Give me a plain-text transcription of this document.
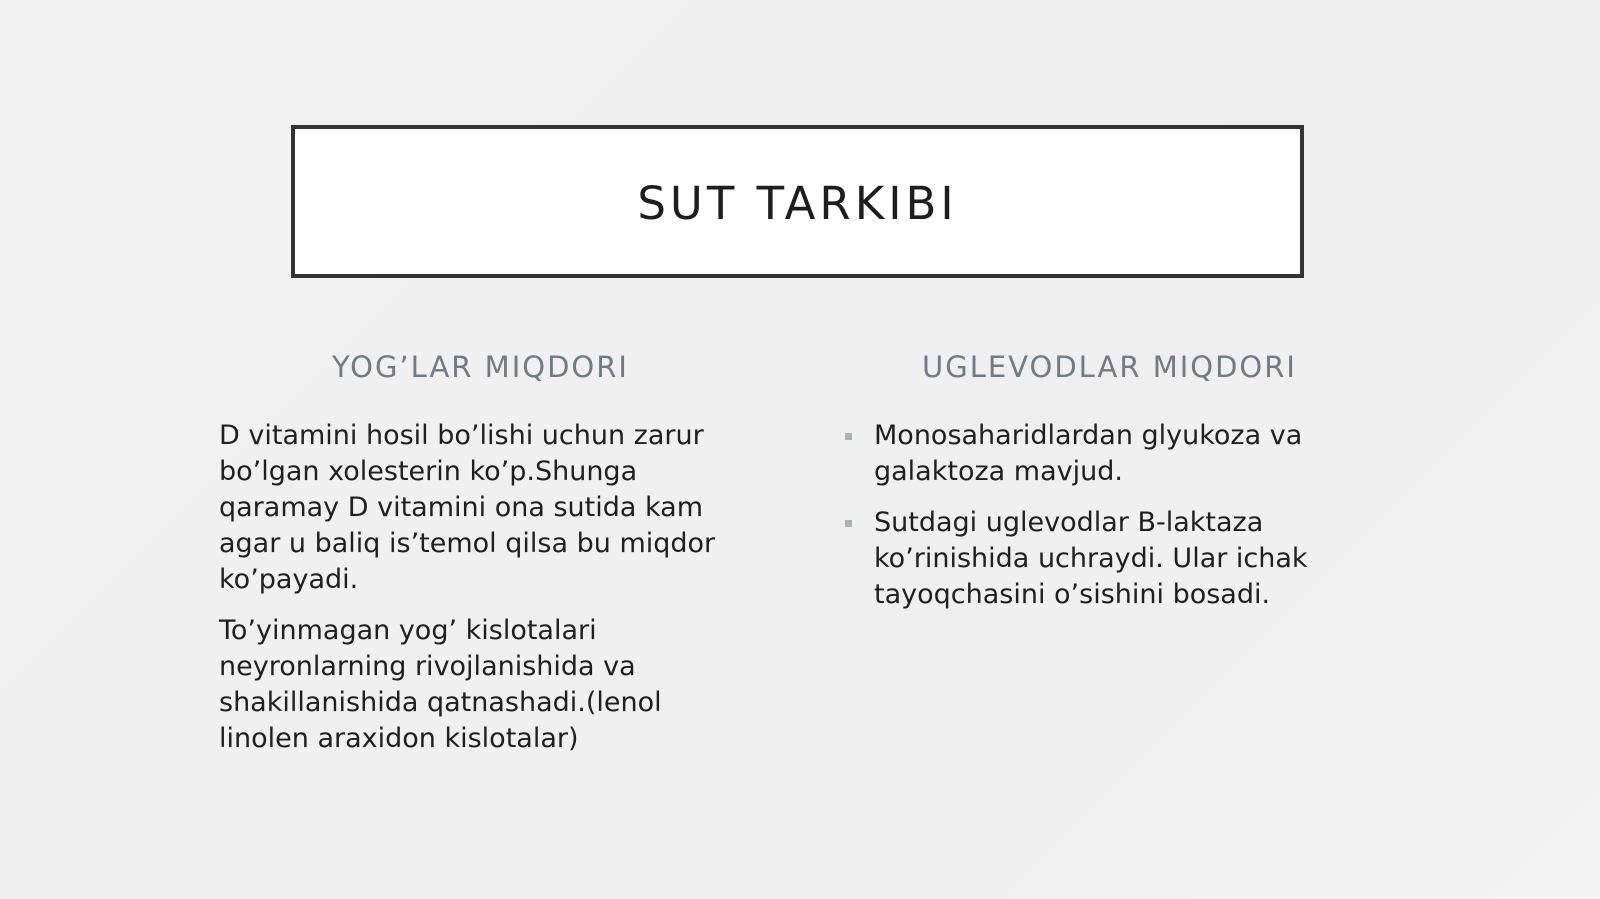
SUT TARKIBI
YOG’LAR MIQDORI	UGLEVODLAR MIQDORI

D vitamini hosil bo’lishi uchun zarur bo’lgan xolesterin ko’p.Shunga qaramay D vitamini ona sutida kam agar u baliq is’temol qilsa bu miqdor ko’payadi.

To’yinmagan yog’ kislotalari neyronlarning rivojlanishida va shakillanishida qatnashadi.(lenol linolen araxidon kislotalar)

Monosaharidlardan glyukoza va galaktoza mavjud.
Sutdagi uglevodlar B-laktaza ko’rinishida uchraydi. Ular ichak tayoqchasini o’sishini bosadi.
